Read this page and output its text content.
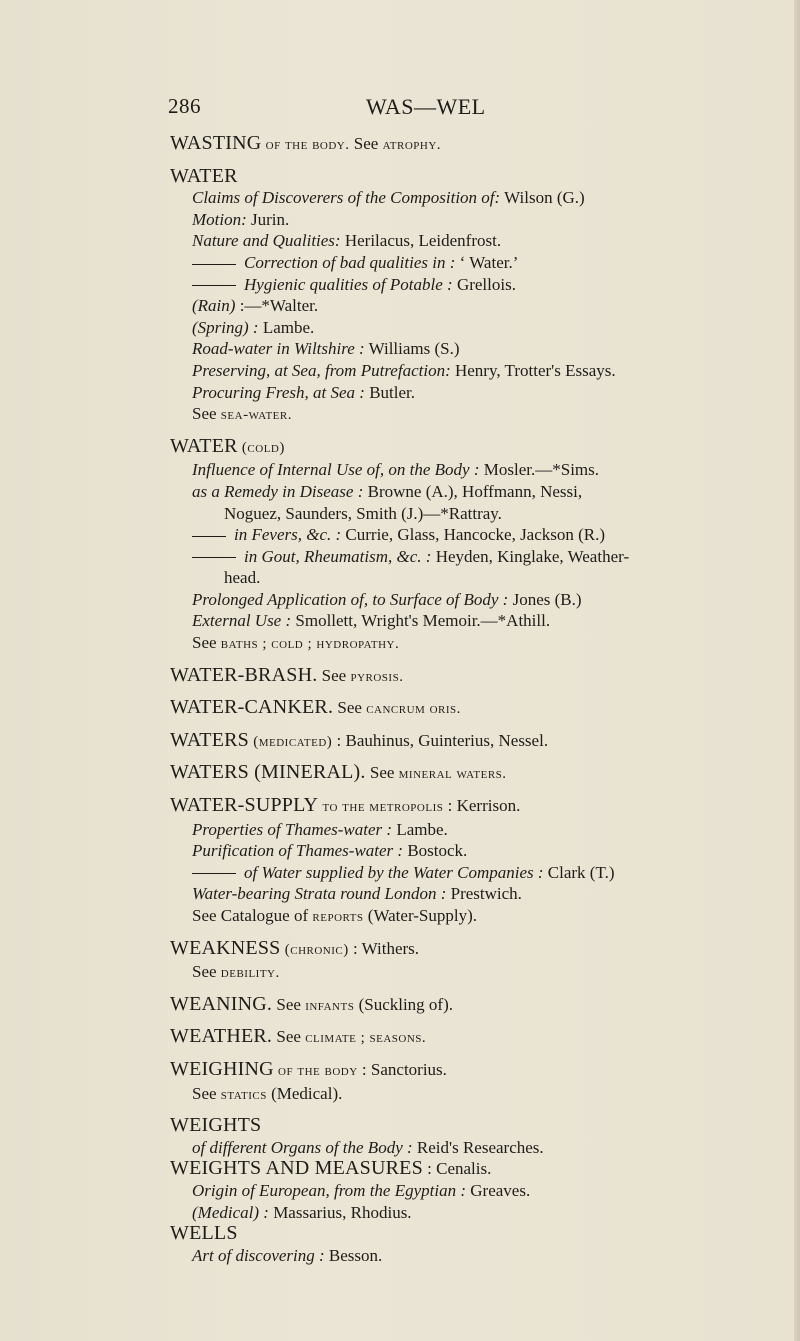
286	WAS—WEL
WASTING of the body. See atrophy.
WATER
Claims of Discoverers of the Composition of: Wilson (G.)
Motion: Jurin.
Nature and Qualities: Herilacus, Leidenfrost.
Correction of bad qualities in : ‘ Water.’
Hygienic qualities of Potable : Grellois.
(Rain) :—*Walter.
(Spring) : Lambe.
Road-water in Wiltshire : Williams (S.)
Preserving, at Sea, from Putrefaction: Henry, Trotter's Essays.
Procuring Fresh, at Sea : Butler.
See sea-water.
WATER (cold)
Influence of Internal Use of, on the Body : Mosler.—*Sims.
as a Remedy in Disease : Browne (A.), Hoffmann, Nessi,
Noguez, Saunders, Smith (J.)—*Rattray.
in Fevers, &c. : Currie, Glass, Hancocke, Jackson (R.)
in Gout, Rheumatism, &c. : Heyden, Kinglake, Weather-
head.
Prolonged Application of, to Surface of Body : Jones (B.)
External Use : Smollett, Wright's Memoir.—*Athill.
See baths ; cold ; hydropathy.
WATER-BRASH. See pyrosis.
WATER-CANKER. See cancrum oris.
WATERS (medicated) : Bauhinus, Guinterius, Nessel.
WATERS (MINERAL). See mineral waters.
WATER-SUPPLY to the metropolis : Kerrison.
Properties of Thames-water : Lambe.
Purification of Thames-water : Bostock.
of Water supplied by the Water Companies : Clark (T.)
Water-bearing Strata round London : Prestwich.
See Catalogue of reports (Water-Supply).
WEAKNESS (chronic) : Withers.
See debility.
WEANING. See infants (Suckling of).
WEATHER. See climate ; seasons.
WEIGHING of the body : Sanctorius.
See statics (Medical).
WEIGHTS
of different Organs of the Body : Reid's Researches.
WEIGHTS AND MEASURES : Cenalis.
Origin of European, from the Egyptian : Greaves.
(Medical) : Massarius, Rhodius.
WELLS
Art of discovering : Besson.
